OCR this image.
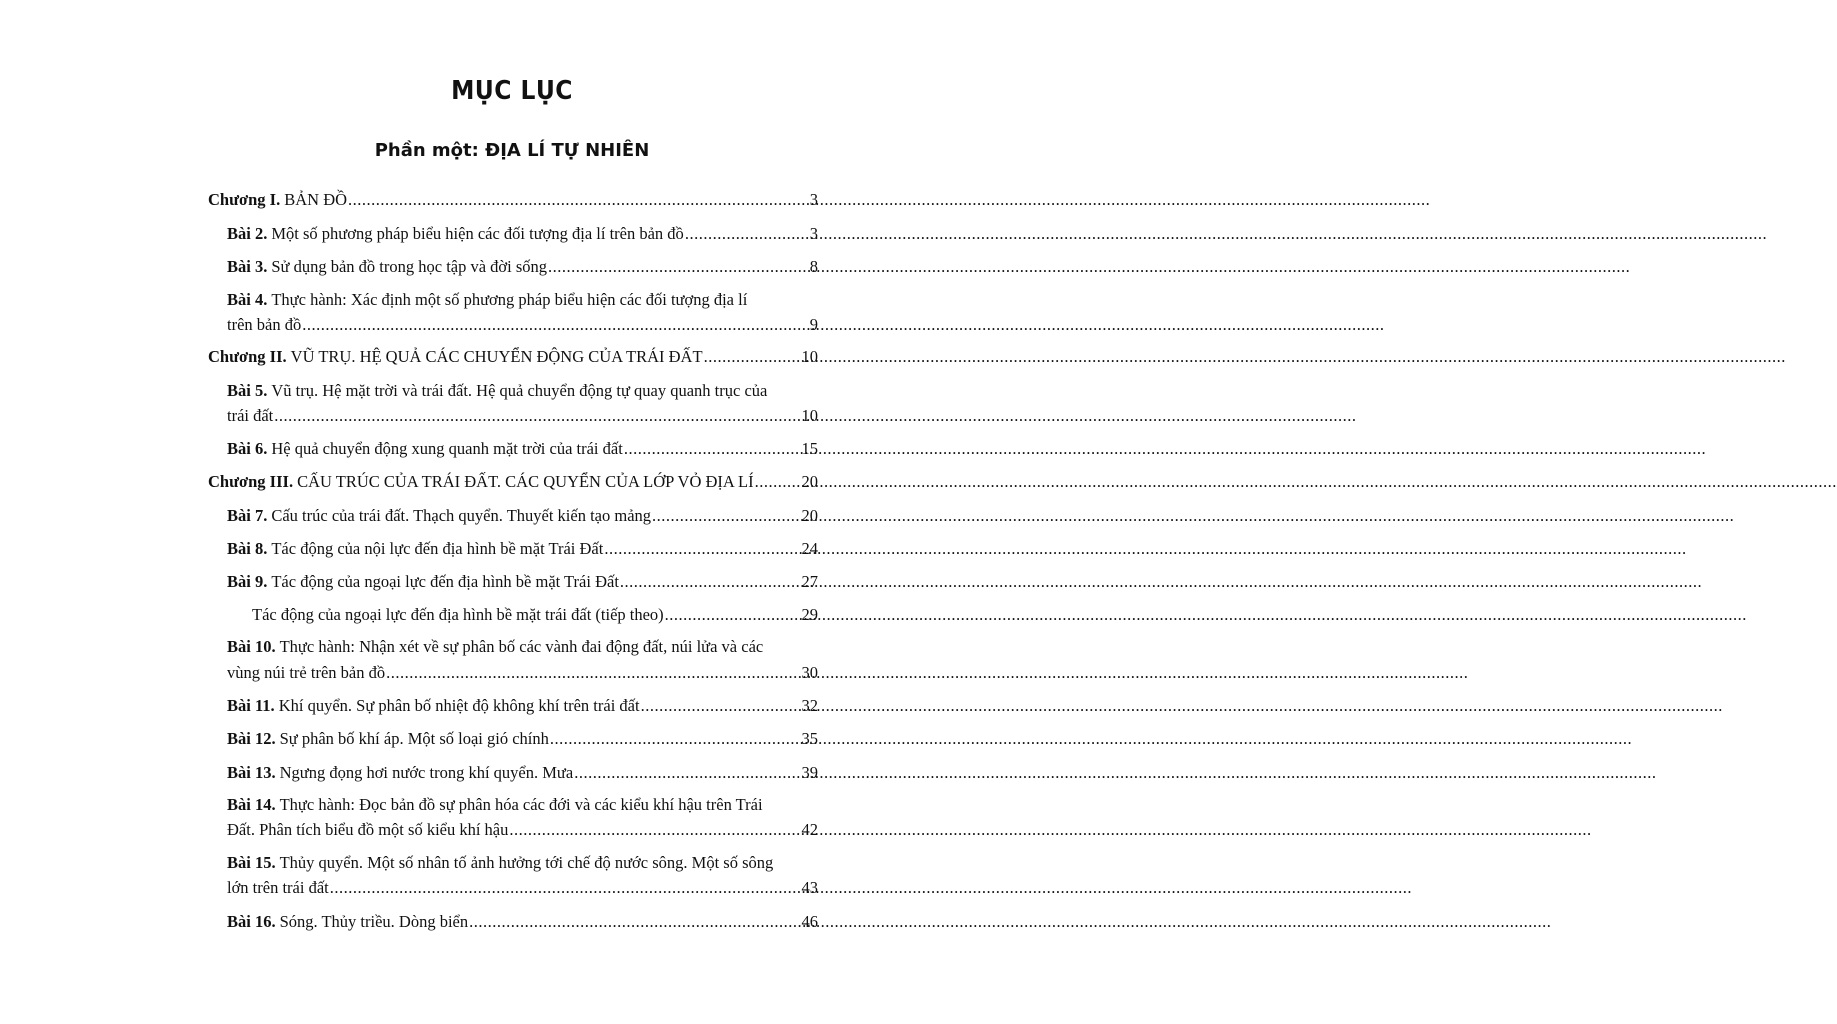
MỤC LỤC
Phần một: ĐỊA LÍ TỰ NHIÊN
Chương I. BẢN ĐỒ .....	3
Bài 2. Một số phương pháp biểu hiện các đối tượng địa lí trên bản đồ .....	3
Bài 3. Sử dụng bản đồ trong học tập và đời sống .....	8
Bài 4. Thực hành: Xác định một số phương pháp biểu hiện các đối tượng địa lí
trên bản đồ .....	9
Chương II. VŨ TRỤ. HỆ QUẢ CÁC CHUYỂN ĐỘNG CỦA TRÁI ĐẤT .....	10
Bài 5. Vũ trụ. Hệ mặt trời và trái đất. Hệ quả chuyển động tự quay quanh trục của
trái đất .....	10
Bài 6. Hệ quả chuyển động xung quanh mặt trời của trái đất .....	15
Chương III. CẤU TRÚC CỦA TRÁI ĐẤT. CÁC QUYỂN CỦA LỚP VỎ ĐỊA LÍ .....	20
Bài 7. Cấu trúc của trái đất. Thạch quyển. Thuyết kiến tạo mảng .....	20
Bài 8. Tác động của nội lực đến địa hình bề mặt Trái Đất .....	24
Bài 9. Tác động của ngoại lực đến địa hình bề mặt Trái Đất .....	27
Tác động của ngoại lực đến địa hình bề mặt trái đất (tiếp theo) .....	29
Bài 10. Thực hành: Nhận xét về sự phân bố các vành đai động đất, núi lửa và các
vùng núi trẻ trên bản đồ .....	30
Bài 11. Khí quyển. Sự phân bố nhiệt độ không khí trên trái đất .....	32
Bài 12. Sự phân bố khí áp. Một số loại gió chính .....	35
Bài 13. Ngưng đọng hơi nước trong khí quyển. Mưa .....	39
Bài 14. Thực hành: Đọc bản đồ sự phân hóa các đới và các kiểu khí hậu trên Trái
Đất. Phân tích biểu đồ một số kiểu khí hậu .....	42
Bài 15. Thủy quyển. Một số nhân tố ảnh hưởng tới chế độ nước sông. Một số sông
lớn trên trái đất .....	43
Bài 16. Sóng. Thủy triều. Dòng biển .....	46
